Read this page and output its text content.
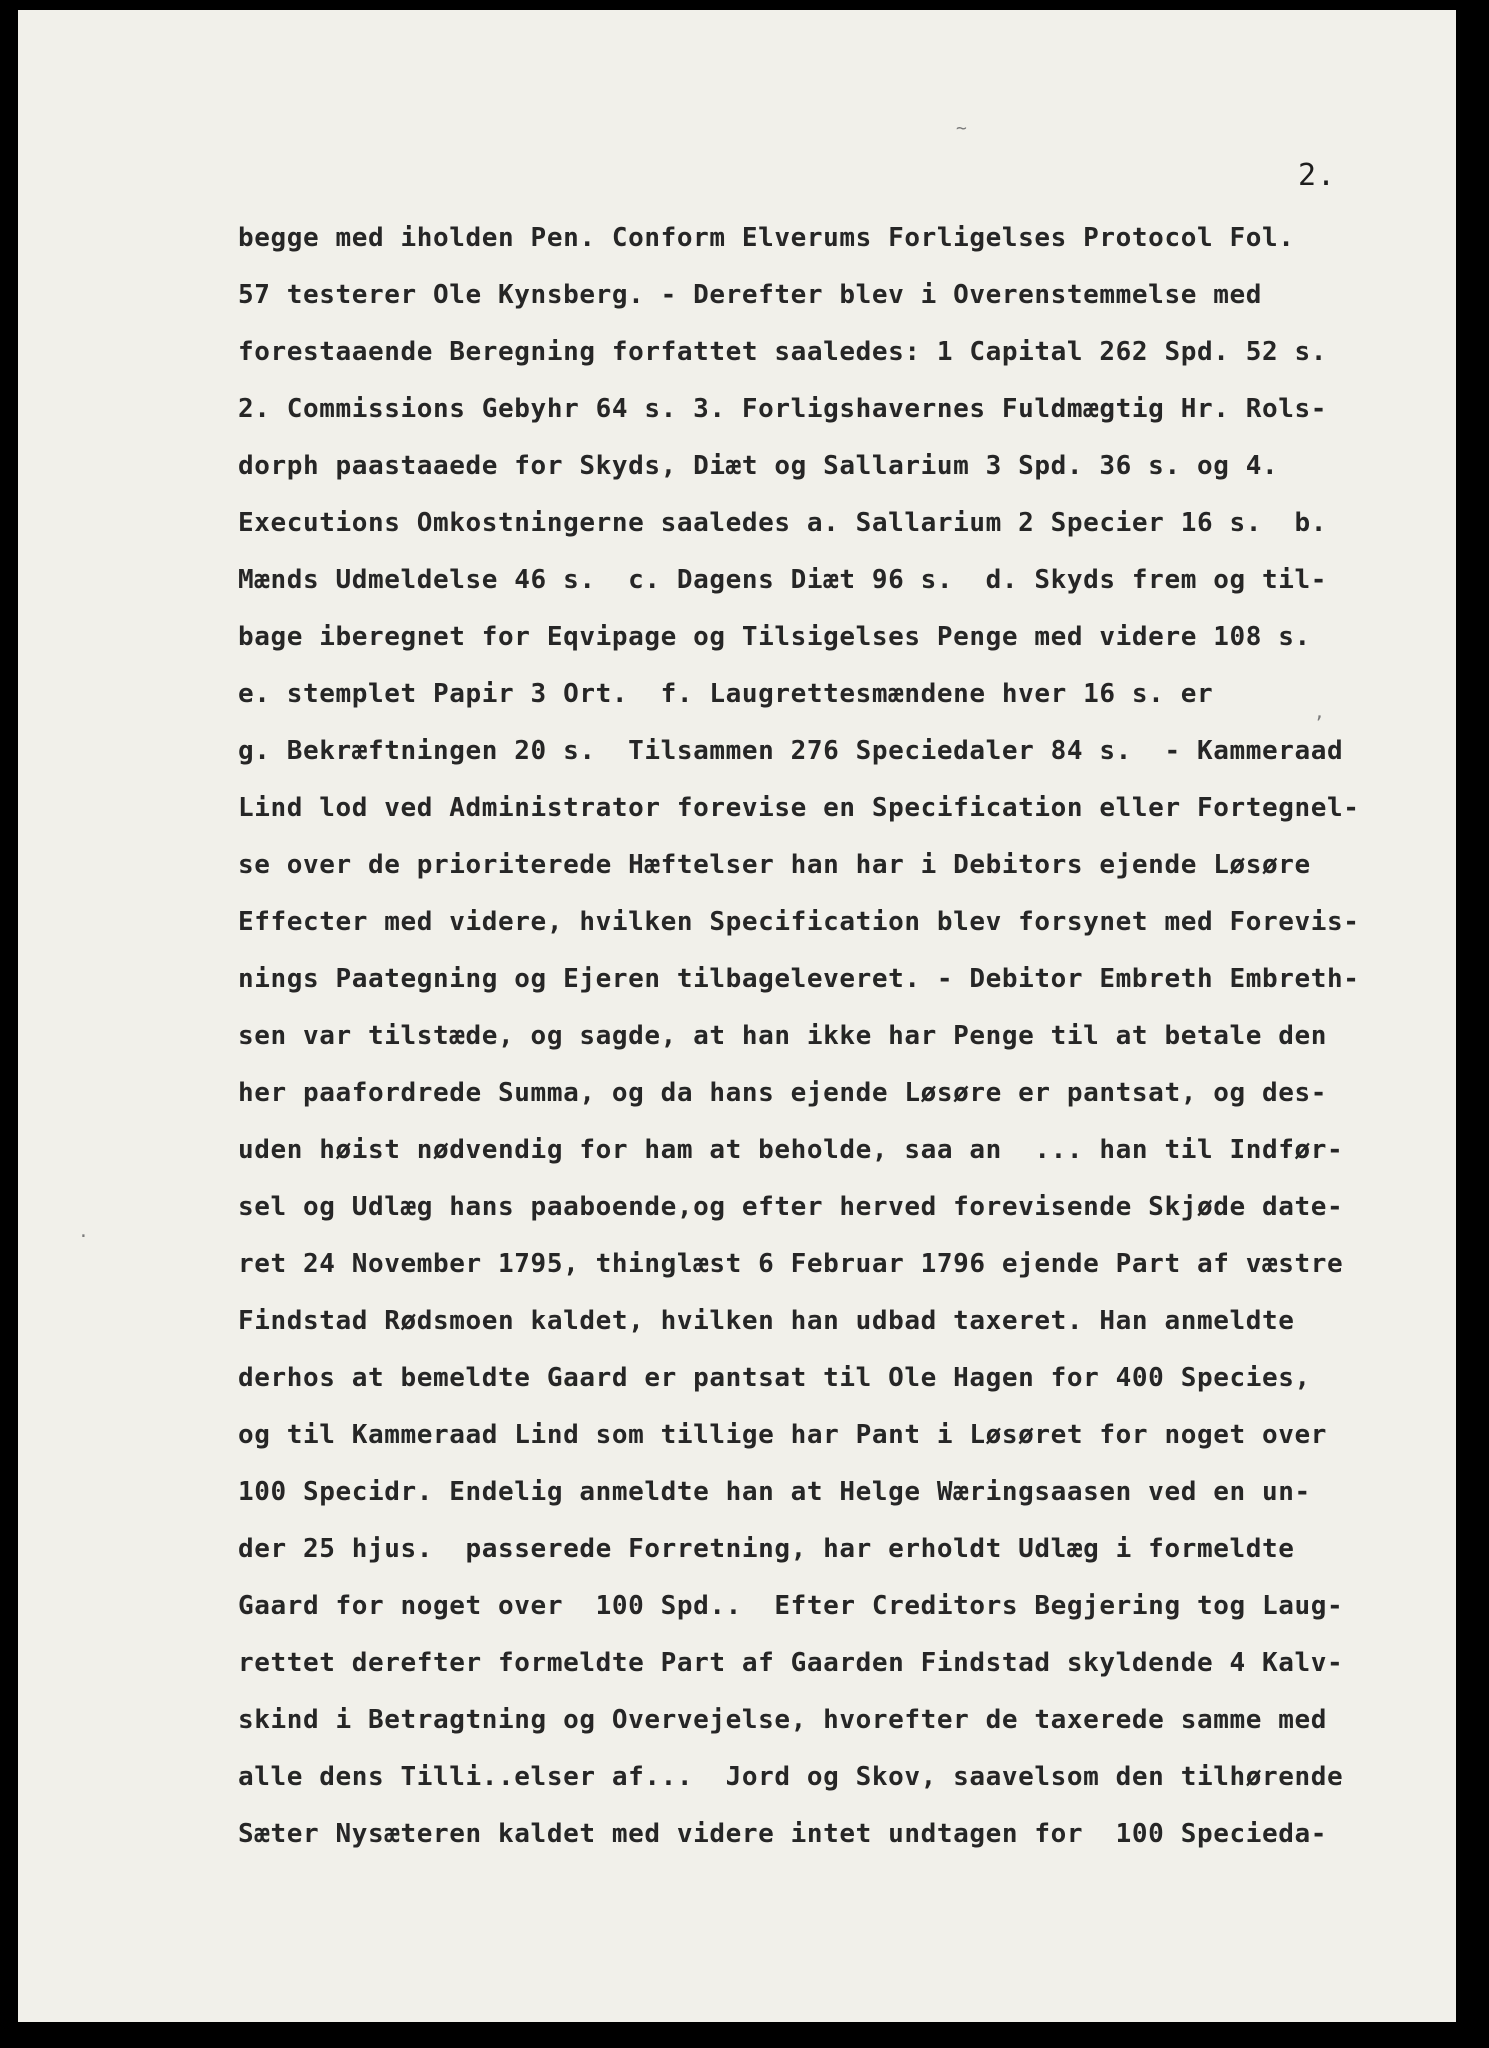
2.
~
,
·
begge med iholden Pen. Conform Elverums Forligelses Protocol Fol.
57 testerer Ole Kynsberg. - Derefter blev i Overenstemmelse med
forestaaende Beregning forfattet saaledes: 1 Capital 262 Spd. 52 s.
2. Commissions Gebyhr 64 s. 3. Forligshavernes Fuldmægtig Hr. Rols-
dorph paastaaede for Skyds, Diæt og Sallarium 3 Spd. 36 s. og 4.
Executions Omkostningerne saaledes a. Sallarium 2 Specier 16 s.  b.
Mænds Udmeldelse 46 s.  c. Dagens Diæt 96 s.  d. Skyds frem og til-
bage iberegnet for Eqvipage og Tilsigelses Penge med videre 108 s.
e. stemplet Papir 3 Ort.  f. Laugrettesmændene hver 16 s. er
g. Bekræftningen 20 s.  Tilsammen 276 Speciedaler 84 s.  - Kammeraad
Lind lod ved Administrator forevise en Specification eller Fortegnel-
se over de prioriterede Hæftelser han har i Debitors ejende Løsøre
Effecter med videre, hvilken Specification blev forsynet med Forevis-
nings Paategning og Ejeren tilbageleveret. - Debitor Embreth Embreth-
sen var tilstæde, og sagde, at han ikke har Penge til at betale den
her paafordrede Summa, og da hans ejende Løsøre er pantsat, og des-
uden høist nødvendig for ham at beholde, saa an  ... han til Indfør-
sel og Udlæg hans paaboende,og efter herved forevisende Skjøde date-
ret 24 November 1795, thinglæst 6 Februar 1796 ejende Part af væstre
Findstad Rødsmoen kaldet, hvilken han udbad taxeret. Han anmeldte
derhos at bemeldte Gaard er pantsat til Ole Hagen for 400 Species,
og til Kammeraad Lind som tillige har Pant i Løsøret for noget over
100 Specidr. Endelig anmeldte han at Helge Wæringsaasen ved en un-
der 25 hjus.  passerede Forretning, har erholdt Udlæg i formeldte
Gaard for noget over  100 Spd..  Efter Creditors Begjering tog Laug-
rettet derefter formeldte Part af Gaarden Findstad skyldende 4 Kalv-
skind i Betragtning og Overvejelse, hvorefter de taxerede samme med
alle dens Tilli..elser af...  Jord og Skov, saavelsom den tilhørende
Sæter Nysæteren kaldet med videre intet undtagen for  100 Specieda-
